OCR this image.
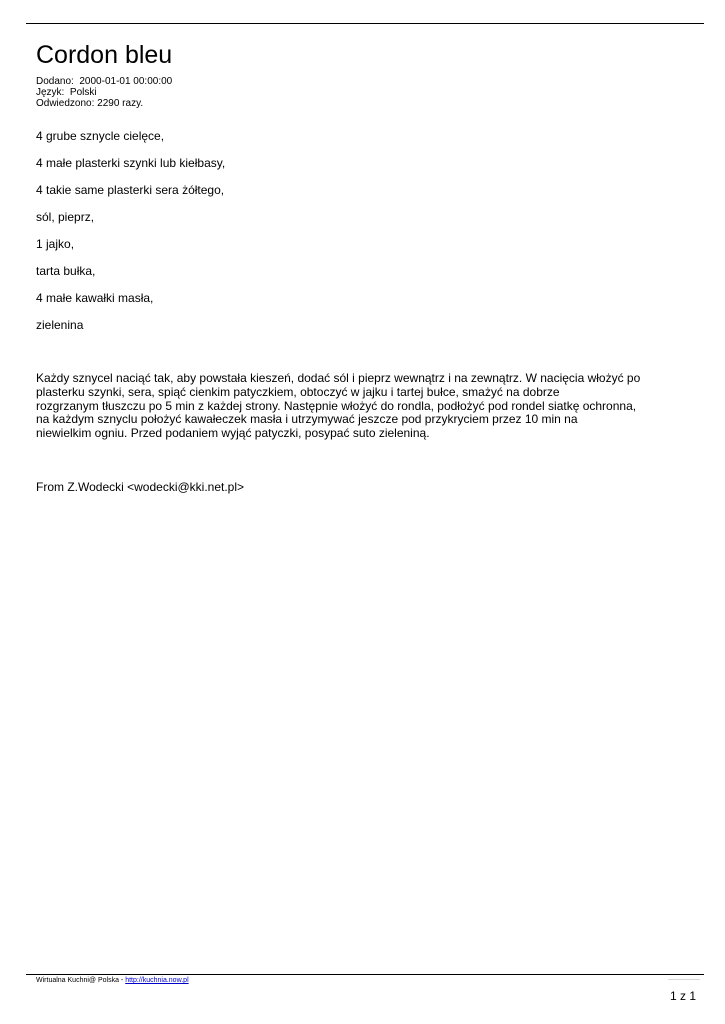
Cordon bleu
Dodano:  2000-01-01 00:00:00
Język:  Polski
Odwiedzono: 2290 razy.
4 grube sznycle cielęce,
4 małe plasterki szynki lub kiełbasy,
4 takie same plasterki sera żółtego,
sól, pieprz,
1 jajko,
tarta bułka,
4 małe kawałki masła,
zielenina
Każdy sznycel naciąć tak, aby powstała kieszeń, dodać sól i pieprz wewnątrz i na zewnątrz. W nacięcia włożyć po
plasterku szynki, sera, spiąć cienkim patyczkiem, obtoczyć w jajku i tartej bułce, smażyć na dobrze
rozgrzanym tłuszczu po 5 min z każdej strony. Następnie włożyć do rondla, podłożyć pod rondel siatkę ochronna,
na każdym sznyclu położyć kawałeczek masła i utrzymywać jeszcze pod przykryciem przez 10 min na
niewielkim ogniu. Przed podaniem wyjąć patyczki, posypać suto zieleniną.
From Z.Wodecki <wodecki@kki.net.pl>
Wirtualna Kuchni@ Polska - http://kuchnia.now.pl
1 z 1
